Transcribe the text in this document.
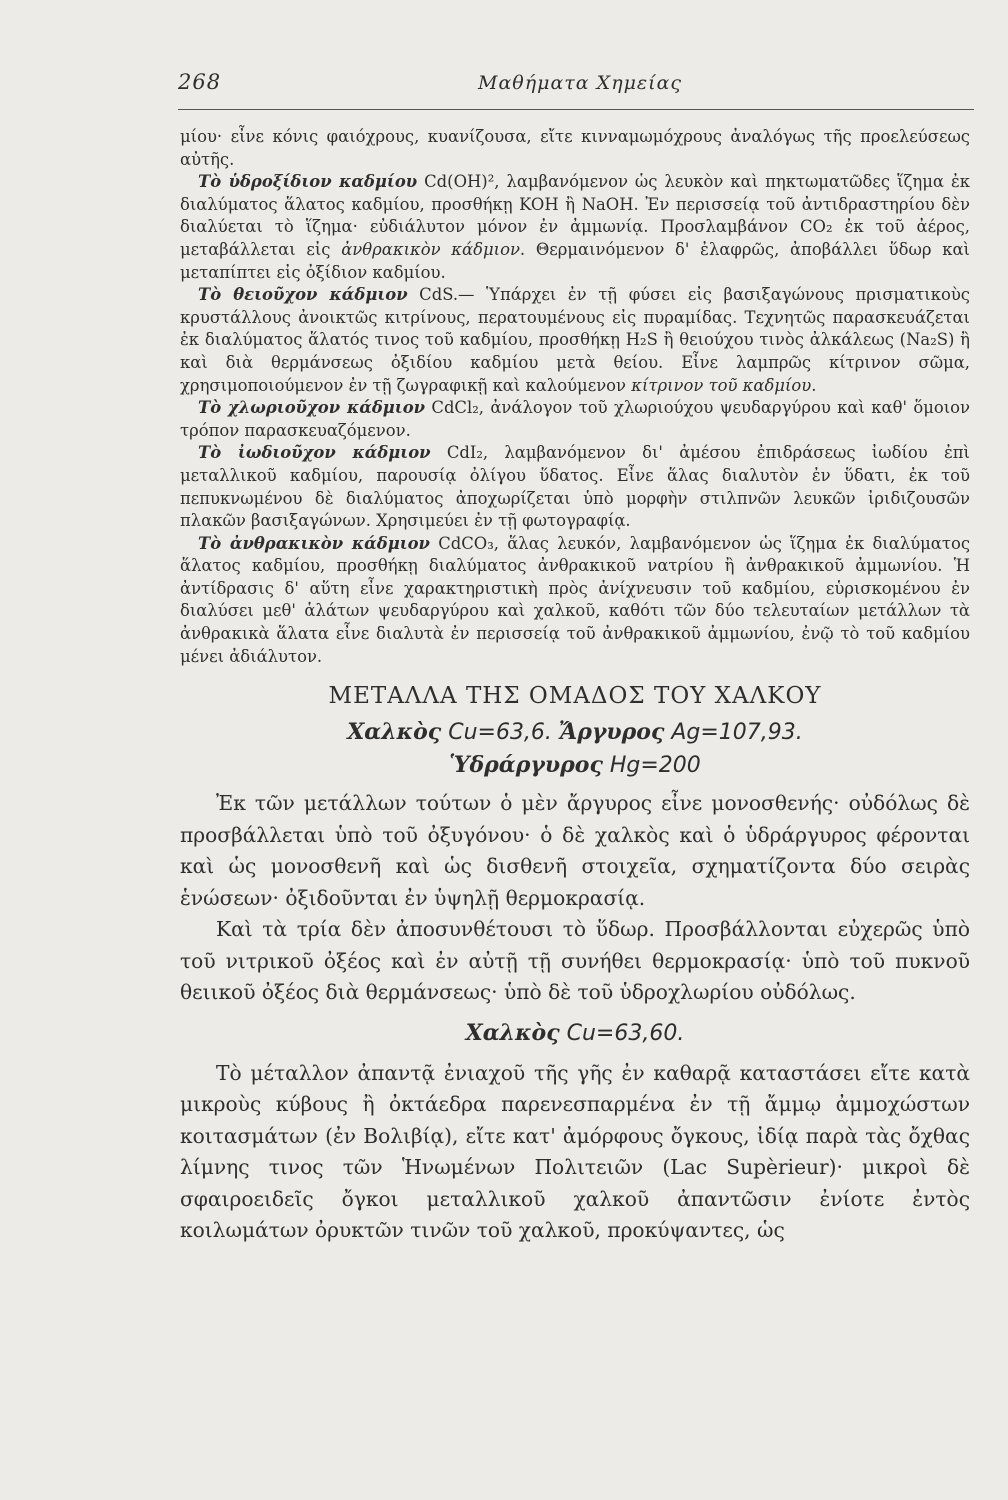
268	Μαθήματα Χημείας

μίου· εἶνε κόνις φαιόχρους, κυανίζουσα, εἴτε κινναμωμόχρους ἀναλόγως τῆς προελεύσεως αὐτῆς.

Τὸ ὑδροξίδιον καδμίου Cd(OH)², λαμβανόμενον ὡς λευκὸν καὶ πηκτωματῶδες ἵζημα ἐκ διαλύματος ἅλατος καδμίου, προσθήκῃ KOH ἢ NaOH. Ἐν περισσείᾳ τοῦ ἀντιδραστηρίου δὲν διαλύεται τὸ ἵζημα· εὐδιάλυτον μόνον ἐν ἀμμωνίᾳ. Προσλαμβάνον CO₂ ἐκ τοῦ ἀέρος, μεταβάλλεται εἰς ἀνθρακικὸν κάδμιον. Θερμαινόμενον δ' ἐλαφρῶς, ἀποβάλλει ὕδωρ καὶ μεταπίπτει εἰς ὀξίδιον καδμίου.

Τὸ θειοῦχον κάδμιον CdS.— Ὑπάρχει ἐν τῇ φύσει εἰς βασιξαγώνους πρισματικοὺς κρυστάλλους ἀνοικτῶς κιτρίνους, περατουμένους εἰς πυραμίδας. Τεχνητῶς παρασκευάζεται ἐκ διαλύματος ἅλατός τινος τοῦ καδμίου, προσθήκῃ H₂S ἢ θειούχου τινὸς ἀλκάλεως (Na₂S) ἢ καὶ διὰ θερμάνσεως ὀξιδίου καδμίου μετὰ θείου. Εἶνε λαμπρῶς κίτρινον σῶμα, χρησιμοποιούμενον ἐν τῇ ζωγραφικῇ καὶ καλούμενον κίτρινον τοῦ καδμίου.

Τὸ χλωριοῦχον κάδμιον CdCl₂, ἀνάλογον τοῦ χλωριούχου ψευδαργύρου καὶ καθ' ὅμοιον τρόπον παρασκευαζόμενον.

Τὸ ἰωδιοῦχον κάδμιον CdI₂, λαμβανόμενον δι' ἀμέσου ἐπιδράσεως ἰωδίου ἐπὶ μεταλλικοῦ καδμίου, παρουσίᾳ ὀλίγου ὕδατος. Εἶνε ἅλας διαλυτὸν ἐν ὕδατι, ἐκ τοῦ πεπυκνωμένου δὲ διαλύματος ἀποχωρίζεται ὑπὸ μορφὴν στιλπνῶν λευκῶν ἰριδιζουσῶν πλακῶν βασιξαγώνων. Χρησιμεύει ἐν τῇ φωτογραφίᾳ.

Τὸ ἀνθρακικὸν κάδμιον CdCO₃, ἅλας λευκόν, λαμβανόμενον ὡς ἵζημα ἐκ διαλύματος ἅλατος καδμίου, προσθήκῃ διαλύματος ἀνθρακικοῦ νατρίου ἢ ἀνθρακικοῦ ἀμμωνίου. Ἡ ἀντίδρασις δ' αὕτη εἶνε χαρακτηριστικὴ πρὸς ἀνίχνευσιν τοῦ καδμίου, εὑρισκομένου ἐν διαλύσει μεθ' ἁλάτων ψευδαργύρου καὶ χαλκοῦ, καθότι τῶν δύο τελευταίων μετάλλων τὰ ἀνθρακικὰ ἅλατα εἶνε διαλυτὰ ἐν περισσείᾳ τοῦ ἀνθρακικοῦ ἀμμωνίου, ἐνῷ τὸ τοῦ καδμίου μένει ἀδιάλυτον.

ΜΕΤΑΛΛΑ ΤΗΣ ΟΜΑΔΟΣ ΤΟΥ ΧΑΛΚΟΥ

Χαλκὸς Cu=63,6. Ἄργυρος Ag=107,93.

Ὑδράργυρος Hg=200

Ἐκ τῶν μετάλλων τούτων ὁ μὲν ἄργυρος εἶνε μονοσθενής· οὐδόλως δὲ προσβάλλεται ὑπὸ τοῦ ὀξυγόνου· ὁ δὲ χαλκὸς καὶ ὁ ὑδράργυρος φέρονται καὶ ὡς μονοσθενῆ καὶ ὡς δισθενῆ στοιχεῖα, σχηματίζοντα δύο σειρὰς ἑνώσεων· ὀξιδοῦνται ἐν ὑψηλῇ θερμοκρασίᾳ.

Καὶ τὰ τρία δὲν ἀποσυνθέτουσι τὸ ὕδωρ. Προσβάλλονται εὐχερῶς ὑπὸ τοῦ νιτρικοῦ ὀξέος καὶ ἐν αὐτῇ τῇ συνήθει θερμοκρασίᾳ· ὑπὸ τοῦ πυκνοῦ θειικοῦ ὀξέος διὰ θερμάνσεως· ὑπὸ δὲ τοῦ ὑδροχλωρίου οὐδόλως.

Χαλκὸς Cu=63,60.

Τὸ μέταλλον ἀπαντᾷ ἐνιαχοῦ τῆς γῆς ἐν καθαρᾷ καταστάσει εἴτε κατὰ μικροὺς κύβους ἢ ὀκτάεδρα παρενεσπαρμένα ἐν τῇ ἄμμῳ ἀμμοχώστων κοιτασμάτων (ἐν Βολιβίᾳ), εἴτε κατ' ἀμόρφους ὄγκους, ἰδίᾳ παρὰ τὰς ὄχθας λίμνης τινος τῶν Ἡνωμένων Πολιτειῶν (Lac Supèrieur)· μικροὶ δὲ σφαιροειδεῖς ὄγκοι μεταλλικοῦ χαλκοῦ ἀπαντῶσιν ἐνίοτε ἐντὸς κοιλωμάτων ὀρυκτῶν τινῶν τοῦ χαλκοῦ, προκύψαντες, ὡς
